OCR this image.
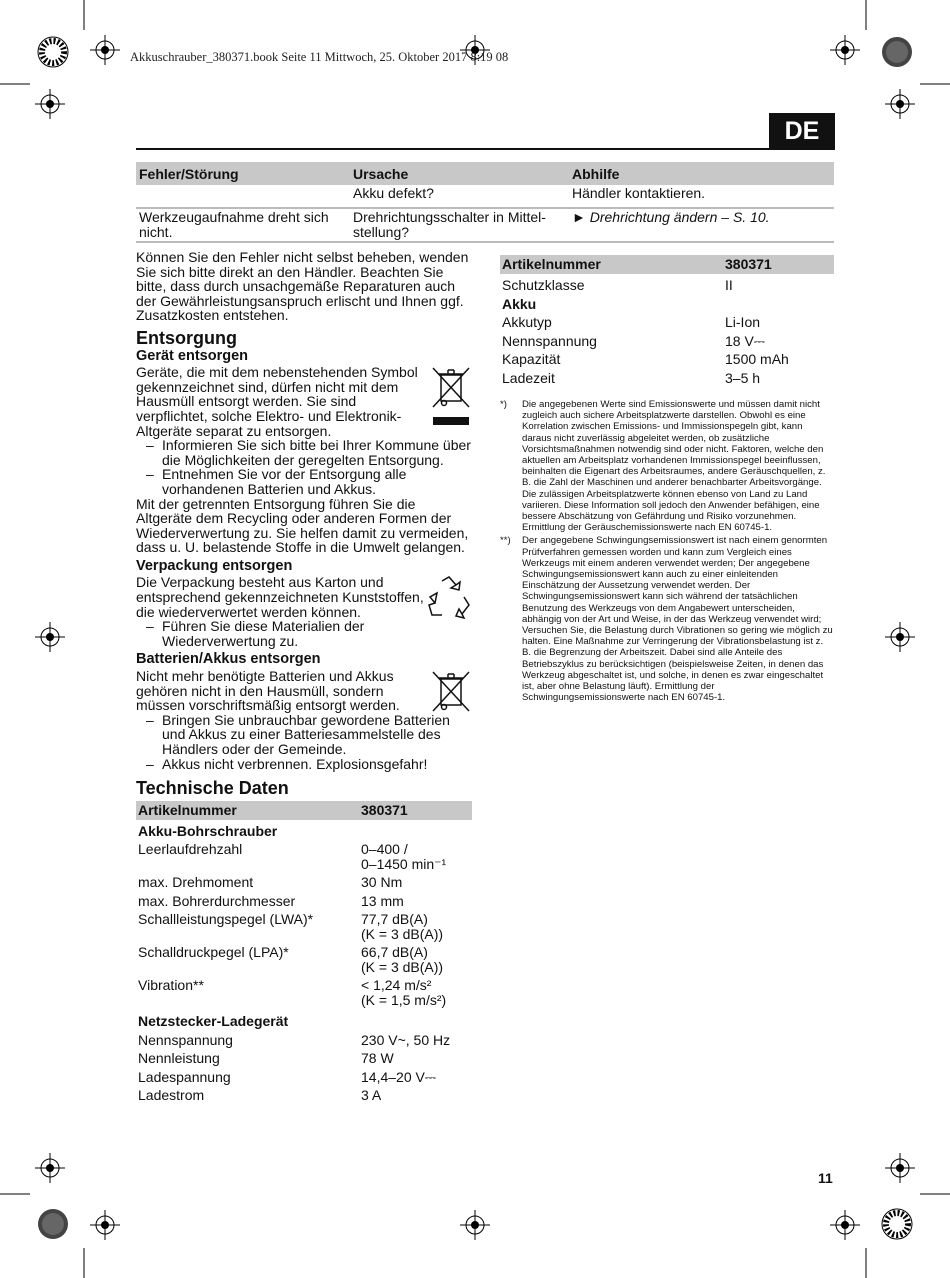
Akkuschrauber_380371.book Seite 11 Mittwoch, 25. Oktober 2017 8:19 08
DE
Fehler/Störung	Ursache	Abhilfe
	Akku defekt?	Händler kontaktieren.
Werkzeugaufnahme dreht sich nicht.	Drehrichtungsschalter in Mittel-stellung?	► Drehrichtung ändern – S. 10.

Können Sie den Fehler nicht selbst beheben, wenden Sie sich bitte direkt an den Händler. Beachten Sie bitte, dass durch unsachgemäße Reparaturen auch der Gewährleistungsanspruch erlischt und Ihnen ggf. Zusatzkosten entstehen.

Entsorgung
Gerät entsorgen

Geräte, die mit dem nebenstehenden Symbol gekennzeichnet sind, dürfen nicht mit dem Hausmüll entsorgt werden. Sie sind verpflichtet, solche Elektro- und Elektronik-Altgeräte separat zu entsorgen.

– Informieren Sie sich bitte bei Ihrer Kommune über die Möglichkeiten der geregelten Entsorgung.
– Entnehmen Sie vor der Entsorgung alle vorhandenen Batterien und Akkus.

Mit der getrennten Entsorgung führen Sie die Altgeräte dem Recycling oder anderen Formen der Wiederverwertung zu. Sie helfen damit zu vermeiden, dass u. U. belastende Stoffe in die Umwelt gelangen.

Verpackung entsorgen

Die Verpackung besteht aus Karton und entsprechend gekennzeichneten Kunststoffen, die wiederverwertet werden können.

– Führen Sie diese Materialien der Wiederverwertung zu.
Batterien/Akkus entsorgen

Nicht mehr benötigte Batterien und Akkus gehören nicht in den Hausmüll, sondern müssen vorschriftsmäßig entsorgt werden.

– Bringen Sie unbrauchbar gewordene Batterien und Akkus zu einer Batteriesammelstelle des Händlers oder der Gemeinde.
– Akkus nicht verbrennen. Explosionsgefahr!
Technische Daten
Artikelnummer	380371
Akku-Bohrschrauber	
Leerlaufdrehzahl	0–400 /
0–1450 min⁻¹
max. Drehmoment	30 Nm
max. Bohrerdurchmesser	13 mm
Schallleistungspegel (LWA)*	77,7 dB(A)
(K = 3 dB(A))
Schalldruckpegel (LPA)*	66,7 dB(A)
(K = 3 dB(A))
Vibration**	< 1,24 m/s²
(K = 1,5 m/s²)
Netzstecker-Ladegerät	
Nennspannung	230 V~, 50 Hz
Nennleistung	78 W
Ladespannung	14,4–20 V⎓
Ladestrom	3 A
Artikelnummer	380371
Schutzklasse	II
Akku	
Akkutyp	Li-Ion
Nennspannung	18 V⎓
Kapazität	1500 mAh
Ladezeit	3–5 h
*) Die angegebenen Werte sind Emissionswerte und müssen damit nicht zugleich auch sichere Arbeitsplatzwerte darstellen. Obwohl es eine Korrelation zwischen Emissions- und Immissionspegeln gibt, kann daraus nicht zuverlässig abgeleitet werden, ob zusätzliche Vorsichtsmaßnahmen notwendig sind oder nicht. Faktoren, welche den aktuellen am Arbeitsplatz vorhandenen Immissionspegel beeinflussen, beinhalten die Eigenart des Arbeitsraumes, andere Geräuschquellen, z. B. die Zahl der Maschinen und anderer benachbarter Arbeitsvorgänge. Die zulässigen Arbeitsplatzwerte können ebenso von Land zu Land variieren. Diese Information soll jedoch den Anwender befähigen, eine bessere Abschätzung von Gefährdung und Risiko vorzunehmen. Ermittlung der Geräuschemissionswerte nach EN 60745-1.
**) Der angegebene Schwingungsemissionswert ist nach einem genormten Prüfverfahren gemessen worden und kann zum Vergleich eines Werkzeugs mit einem anderen verwendet werden; Der angegebene Schwingungsemissionswert kann auch zu einer einleitenden Einschätzung der Aussetzung verwendet werden. Der Schwingungsemissionswert kann sich während der tatsächlichen Benutzung des Werkzeugs von dem Angabewert unterscheiden, abhängig von der Art und Weise, in der das Werkzeug verwendet wird; Versuchen Sie, die Belastung durch Vibrationen so gering wie möglich zu halten. Eine Maßnahme zur Verringerung der Vibrationsbelastung ist z. B. die Begrenzung der Arbeitszeit. Dabei sind alle Anteile des Betriebszyklus zu berücksichtigen (beispielsweise Zeiten, in denen das Werkzeug abgeschaltet ist, und solche, in denen es zwar eingeschaltet ist, aber ohne Belastung läuft). Ermittlung der Schwingungsemissionswerte nach EN 60745-1.
11
